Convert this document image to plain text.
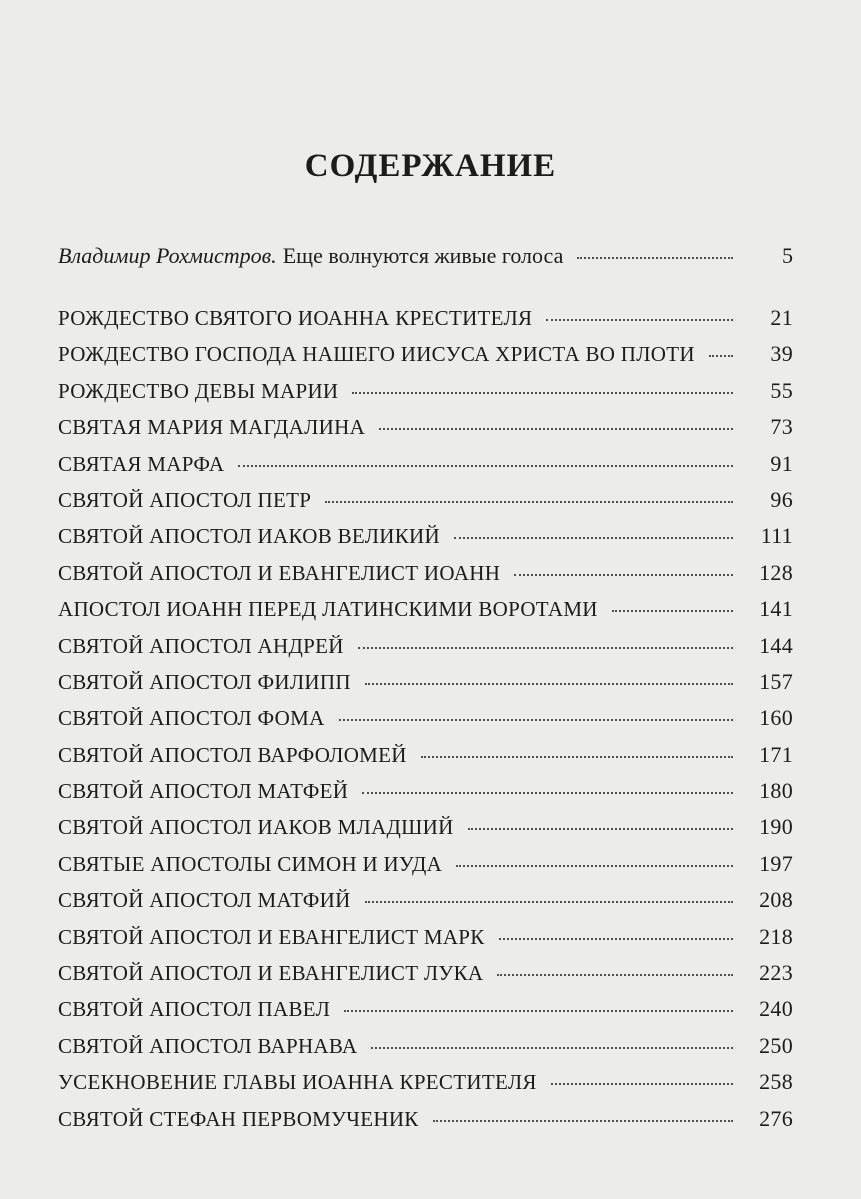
СОДЕРЖАНИЕ
Владимир Рохмистров. Еще волнуются живые голоса	5
РОЖДЕСТВО СВЯТОГО ИОАННА КРЕСТИТЕЛЯ	21
РОЖДЕСТВО ГОСПОДА НАШЕГО ИИСУСА ХРИСТА ВО ПЛОТИ	39
РОЖДЕСТВО ДЕВЫ МАРИИ	55
СВЯТАЯ МАРИЯ МАГДАЛИНА	73
СВЯТАЯ МАРФА	91
СВЯТОЙ АПОСТОЛ ПЕТР	96
СВЯТОЙ АПОСТОЛ ИАКОВ ВЕЛИКИЙ	111
СВЯТОЙ АПОСТОЛ И ЕВАНГЕЛИСТ ИОАНН	128
АПОСТОЛ ИОАНН ПЕРЕД ЛАТИНСКИМИ ВОРОТАМИ	141
СВЯТОЙ АПОСТОЛ АНДРЕЙ	144
СВЯТОЙ АПОСТОЛ ФИЛИПП	157
СВЯТОЙ АПОСТОЛ ФОМА	160
СВЯТОЙ АПОСТОЛ ВАРФОЛОМЕЙ	171
СВЯТОЙ АПОСТОЛ МАТФЕЙ	180
СВЯТОЙ АПОСТОЛ ИАКОВ МЛАДШИЙ	190
СВЯТЫЕ АПОСТОЛЫ СИМОН И ИУДА	197
СВЯТОЙ АПОСТОЛ МАТФИЙ	208
СВЯТОЙ АПОСТОЛ И ЕВАНГЕЛИСТ МАРК	218
СВЯТОЙ АПОСТОЛ И ЕВАНГЕЛИСТ ЛУКА	223
СВЯТОЙ АПОСТОЛ ПАВЕЛ	240
СВЯТОЙ АПОСТОЛ ВАРНАВА	250
УСЕКНОВЕНИЕ ГЛАВЫ ИОАННА КРЕСТИТЕЛЯ	258
СВЯТОЙ СТЕФАН ПЕРВОМУЧЕНИК	276
